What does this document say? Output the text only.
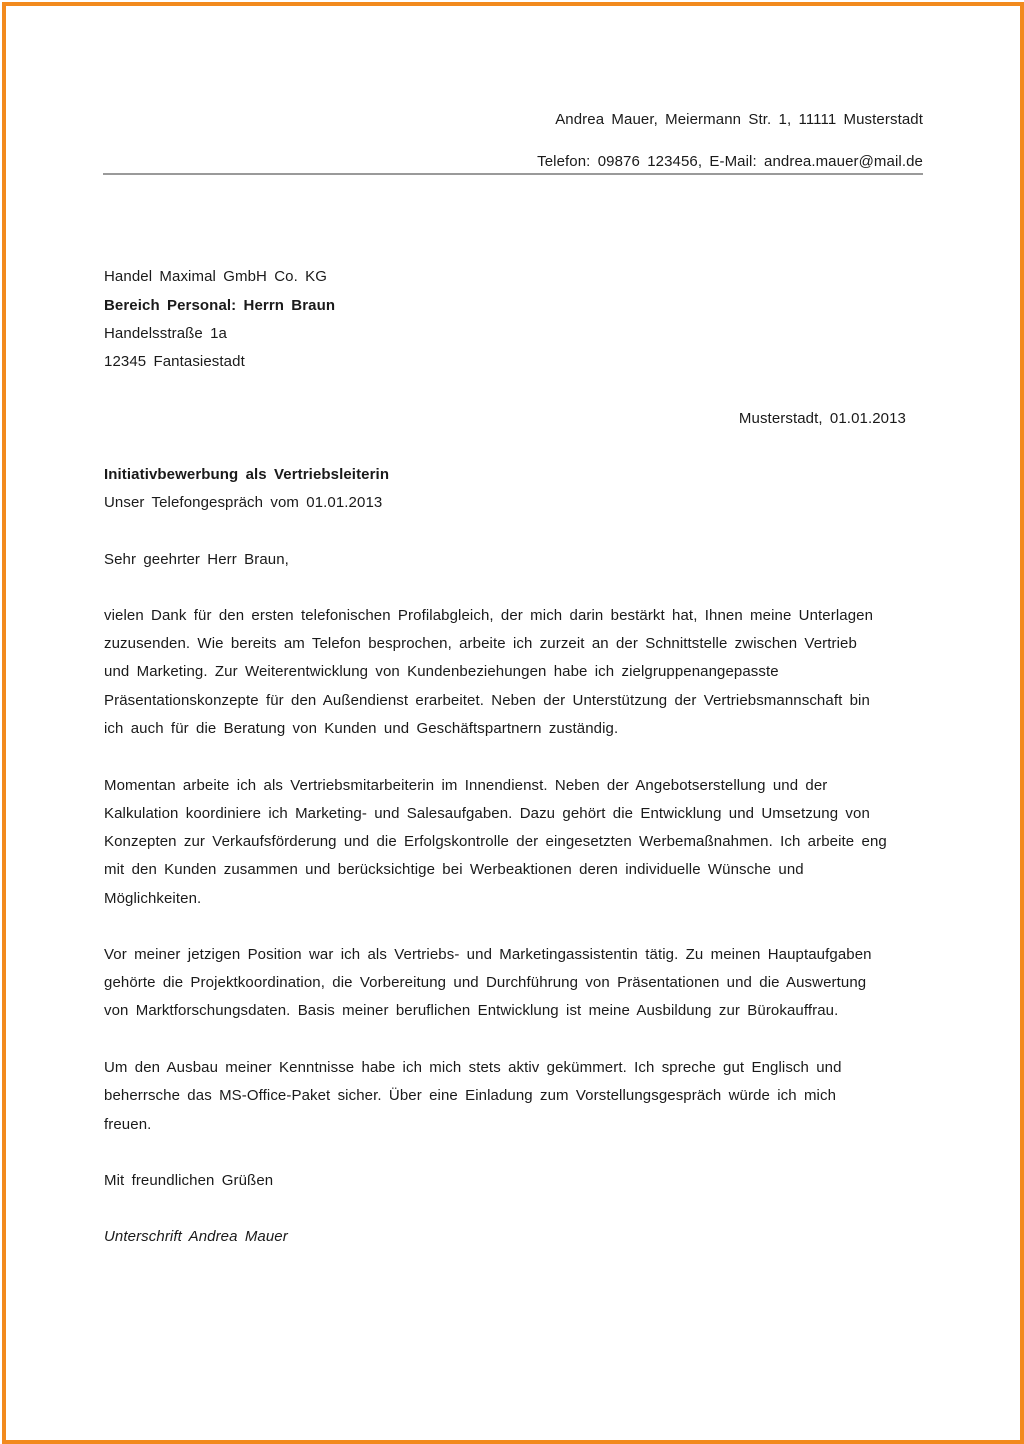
Andrea Mauer, Meiermann Str. 1, 11111 Musterstadt
Telefon: 09876 123456, E-Mail: andrea.mauer@mail.de
Handel Maximal GmbH Co. KG
Bereich Personal: Herrn Braun
Handelsstraße 1a
12345 Fantasiestadt
Musterstadt, 01.01.2013
Initiativbewerbung als Vertriebsleiterin
Unser Telefongespräch vom 01.01.2013
Sehr geehrter Herr Braun,
vielen Dank für den ersten telefonischen Profilabgleich, der mich darin bestärkt hat, Ihnen meine Unterlagen
zuzusenden. Wie bereits am Telefon besprochen, arbeite ich zurzeit an der Schnittstelle zwischen Vertrieb
und Marketing. Zur Weiterentwicklung von Kundenbeziehungen habe ich zielgruppenangepasste
Präsentationskonzepte für den Außendienst erarbeitet. Neben der Unterstützung der Vertriebsmannschaft bin
ich auch für die Beratung von Kunden und Geschäftspartnern zuständig.
Momentan arbeite ich als Vertriebsmitarbeiterin im Innendienst. Neben der Angebotserstellung und der
Kalkulation koordiniere ich Marketing- und Salesaufgaben. Dazu gehört die Entwicklung und Umsetzung von
Konzepten zur Verkaufsförderung und die Erfolgskontrolle der eingesetzten Werbemaßnahmen. Ich arbeite eng
mit den Kunden zusammen und berücksichtige bei Werbeaktionen deren individuelle Wünsche und
Möglichkeiten.
Vor meiner jetzigen Position war ich als Vertriebs- und Marketingassistentin tätig. Zu meinen Hauptaufgaben
gehörte die Projektkoordination, die Vorbereitung und Durchführung von Präsentationen und die Auswertung
von Marktforschungsdaten. Basis meiner beruflichen Entwicklung ist meine Ausbildung zur Bürokauffrau.
Um den Ausbau meiner Kenntnisse habe ich mich stets aktiv gekümmert. Ich spreche gut Englisch und
beherrsche das MS-Office-Paket sicher. Über eine Einladung zum Vorstellungsgespräch würde ich mich
freuen.
Mit freundlichen Grüßen
Unterschrift Andrea Mauer
